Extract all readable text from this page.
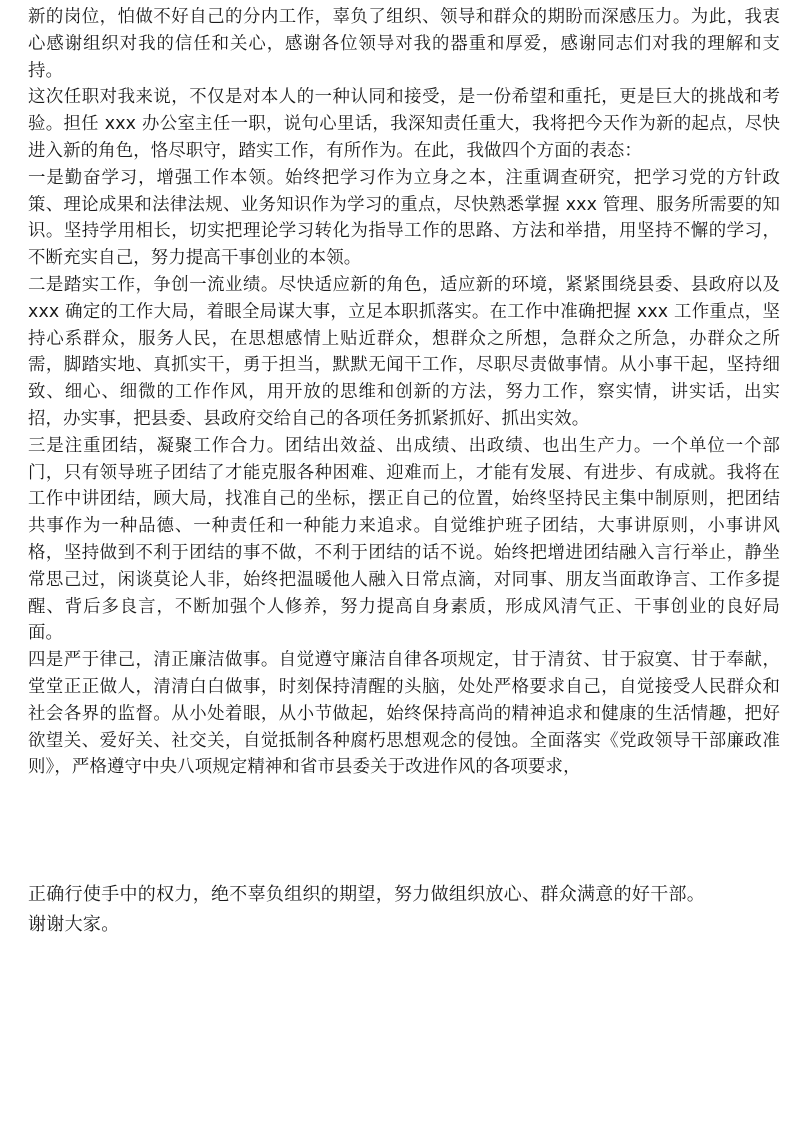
新的岗位，怕做不好自己的分内工作，辜负了组织、领导和群众的期盼而深感压力。为此，我衷心感谢组织对我的信任和关心，感谢各位领导对我的器重和厚爱，感谢同志们对我的理解和支持。

这次任职对我来说，不仅是对本人的一种认同和接受，是一份希望和重托，更是巨大的挑战和考验。担任 xxx 办公室主任一职，说句心里话，我深知责任重大，我将把今天作为新的起点，尽快进入新的角色，恪尽职守，踏实工作，有所作为。在此，我做四个方面的表态：

一是勤奋学习，增强工作本领。始终把学习作为立身之本，注重调查研究，把学习党的方针政策、理论成果和法律法规、业务知识作为学习的重点，尽快熟悉掌握 xxx 管理、服务所需要的知识。坚持学用相长，切实把理论学习转化为指导工作的思路、方法和举措，用坚持不懈的学习，不断充实自己，努力提高干事创业的本领。

二是踏实工作，争创一流业绩。尽快适应新的角色，适应新的环境，紧紧围绕县委、县政府以及 xxx 确定的工作大局，着眼全局谋大事，立足本职抓落实。在工作中准确把握 xxx 工作重点，坚持心系群众，服务人民，在思想感情上贴近群众，想群众之所想，急群众之所急，办群众之所需，脚踏实地、真抓实干，勇于担当，默默无闻干工作，尽职尽责做事情。从小事干起，坚持细致、细心、细微的工作作风，用开放的思维和创新的方法，努力工作，察实情，讲实话，出实招，办实事，把县委、县政府交给自己的各项任务抓紧抓好、抓出实效。

三是注重团结，凝聚工作合力。团结出效益、出成绩、出政绩、也出生产力。一个单位一个部门，只有领导班子团结了才能克服各种困难、迎难而上，才能有发展、有进步、有成就。我将在工作中讲团结，顾大局，找准自己的坐标，摆正自己的位置，始终坚持民主集中制原则，把团结共事作为一种品德、一种责任和一种能力来追求。自觉维护班子团结，大事讲原则，小事讲风格，坚持做到不利于团结的事不做，不利于团结的话不说。始终把增进团结融入言行举止，静坐常思己过，闲谈莫论人非，始终把温暖他人融入日常点滴，对同事、朋友当面敢诤言、工作多提醒、背后多良言，不断加强个人修养，努力提高自身素质，形成风清气正、干事创业的良好局面。

四是严于律己，清正廉洁做事。自觉遵守廉洁自律各项规定，甘于清贫、甘于寂寞、甘于奉献，堂堂正正做人，清清白白做事，时刻保持清醒的头脑，处处严格要求自己，自觉接受人民群众和社会各界的监督。从小处着眼，从小节做起，始终保持高尚的精神追求和健康的生活情趣，把好欲望关、爱好关、社交关，自觉抵制各种腐朽思想观念的侵蚀。全面落实《党政领导干部廉政准则》，严格遵守中央八项规定精神和省市县委关于改进作风的各项要求，

正确行使手中的权力，绝不辜负组织的期望，努力做组织放心、群众满意的好干部。

谢谢大家。
